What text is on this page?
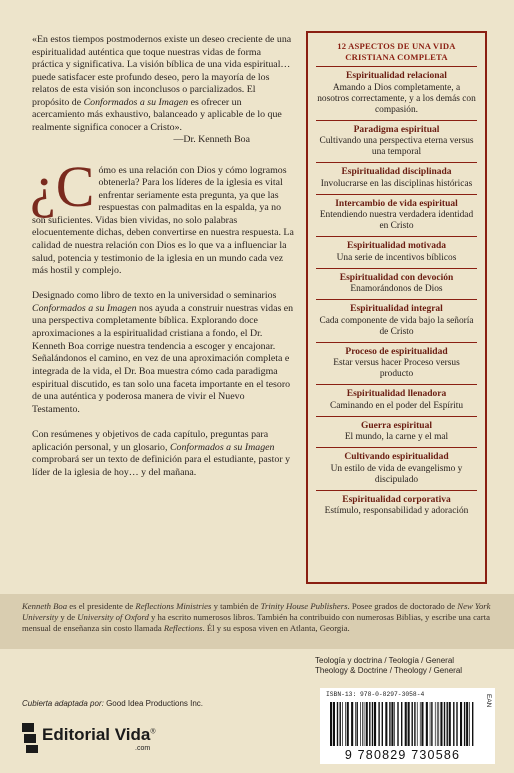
«En estos tiempos postmodernos existe un deseo creciente de una espiritualidad auténtica que toque nuestras vidas de forma práctica y significativa. La visión bíblica de una vida espiritual… puede satisfacer este profundo deseo, pero la mayoría de los relatos de esta visión son inconclusos o parcializados. El propósito de Conformados a su Imagen es ofrecer un acercamiento más exhaustivo, balanceado y aplicable de lo que realmente significa conocer a Cristo».
—Dr. Kenneth Boa

¿C ómo es una relación con Dios y cómo logramos obtenerla? Para los líderes de la iglesia es vital enfrentar seriamente esta pregunta, ya que las respuestas con palmaditas en la espalda, ya no son suficientes. Vidas bien vividas, no solo palabras elocuentemente dichas, deben convertirse en nuestra respuesta. La calidad de nuestra relación con Dios es lo que va a influenciar la salud, potencia y testimonio de la iglesia en un mundo cada vez más hostil y complejo.

Designado como libro de texto en la universidad o seminarios Conformados a su Imagen nos ayuda a construir nuestras vidas en una perspectiva completamente bíblica. Explorando doce aproximaciones a la espiritualidad cristiana a fondo, el Dr. Kenneth Boa corrige nuestra tendencia a escoger y encajonar. Señalándonos el camino, en vez de una aproximación completa e integrada de la vida, el Dr. Boa muestra cómo cada paradigma espiritual discutido, es tan solo una faceta importante en el tesoro de una auténtica y poderosa manera de vivir el Nuevo Testamento.

Con resúmenes y objetivos de cada capítulo, preguntas para aplicación personal, y un glosario, Conformados a su Imagen comprobará ser un texto de definición para el estudiante, pastor y líder de la iglesia de hoy… y del mañana.

12 ASPECTOS DE UNA VIDA CRISTIANA COMPLETA
Espiritualidad relacional
Amando a Dios completamente, a nosotros correctamente, y a los demás con compasión.
Paradigma espiritual
Cultivando una perspectiva eterna versus una temporal
Espiritualidad disciplinada
Involucrarse en las disciplinas históricas
Intercambio de vida espiritual
Entendiendo nuestra verdadera identidad en Cristo
Espiritualidad motivada
Una serie de incentivos bíblicos
Espiritualidad con devoción
Enamorándonos de Dios
Espiritualidad integral
Cada componente de vida bajo la señoría de Cristo
Proceso de espiritualidad
Estar versus hacer Proceso versus producto
Espiritualidad llenadora
Caminando en el poder del Espíritu
Guerra espiritual
El mundo, la carne y el mal
Cultivando espiritualidad
Un estilo de vida de evangelismo y discipulado
Espiritualidad corporativa
Estímulo, responsabilidad y adoración
Kenneth Boa es el presidente de Reflections Ministries y también de Trinity House Publishers. Posee grados de doctorado de New York University y de University of Oxford y ha escrito numerosos libros. También ha contribuido con numerosas Biblias, y escribe una carta mensual de enseñanza sin costo llamada Reflections. Él y su esposa viven en Atlanta, Georgia.
Teología y doctrina / Teología / General
Theology & Doctrine / Theology / General
ISBN-13: 978-0-8297-3058-4	EAN
9 780829 730586
Cubierta adaptada por: Good Idea Productions Inc.
Editorial Vida®
.com
